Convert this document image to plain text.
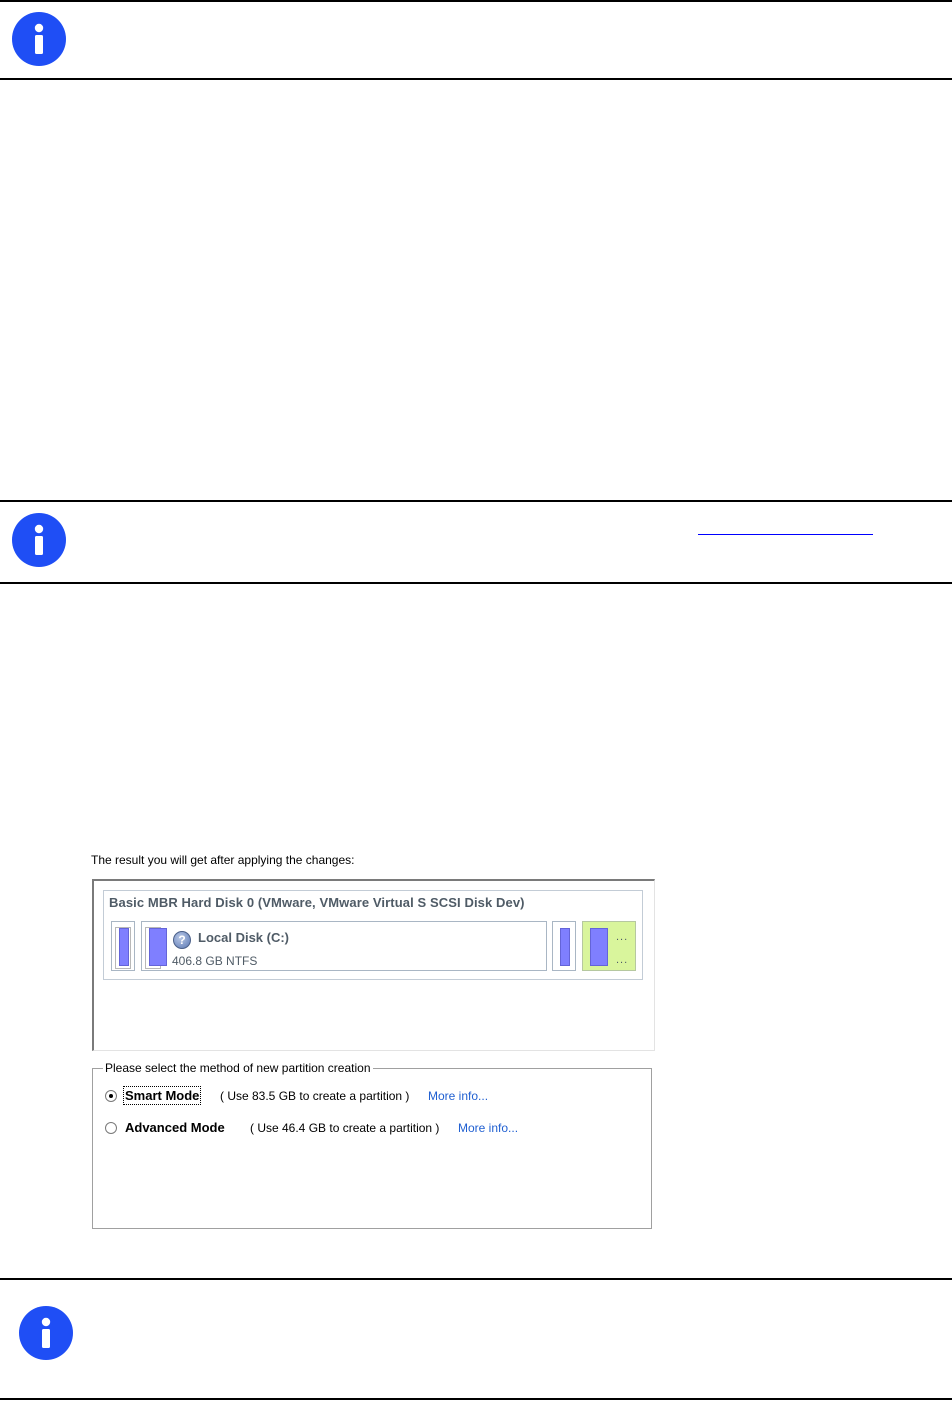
The result you will get after applying the changes:
Basic MBR Hard Disk 0 (VMware, VMware Virtual S SCSI Disk Dev)
? Local Disk (C:)
406.8 GB NTFS
...
...
Please select the method of new partition creation
Smart Mode ( Use 83.5 GB to create a partition ) More info...
Advanced Mode ( Use 46.4 GB to create a partition ) More info...
